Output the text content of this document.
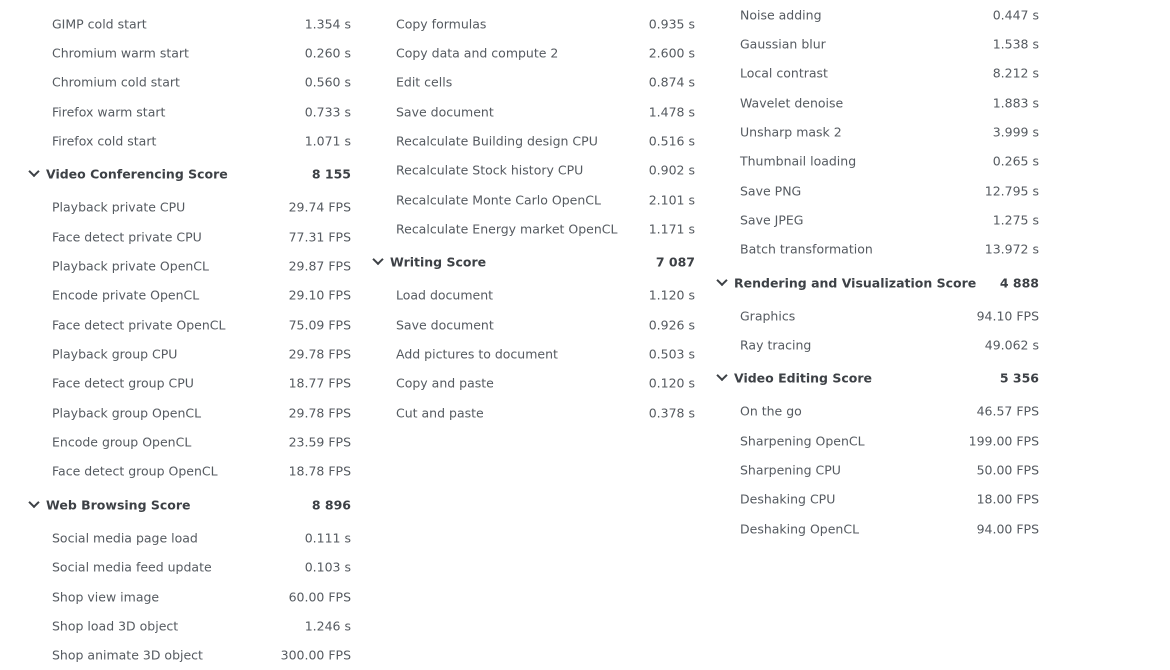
GIMP cold start	1.354 s
Chromium warm start	0.260 s
Chromium cold start	0.560 s
Firefox warm start	0.733 s
Firefox cold start	1.071 s
Video Conferencing Score	8 155
Playback private CPU	29.74 FPS
Face detect private CPU	77.31 FPS
Playback private OpenCL	29.87 FPS
Encode private OpenCL	29.10 FPS
Face detect private OpenCL	75.09 FPS
Playback group CPU	29.78 FPS
Face detect group CPU	18.77 FPS
Playback group OpenCL	29.78 FPS
Encode group OpenCL	23.59 FPS
Face detect group OpenCL	18.78 FPS
Web Browsing Score	8 896
Social media page load	0.111 s
Social media feed update	0.103 s
Shop view image	60.00 FPS
Shop load 3D object	1.246 s
Shop animate 3D object	300.00 FPS
Copy formulas	0.935 s
Copy data and compute 2	2.600 s
Edit cells	0.874 s
Save document	1.478 s
Recalculate Building design CPU	0.516 s
Recalculate Stock history CPU	0.902 s
Recalculate Monte Carlo OpenCL	2.101 s
Recalculate Energy market OpenCL	1.171 s
Writing Score	7 087
Load document	1.120 s
Save document	0.926 s
Add pictures to document	0.503 s
Copy and paste	0.120 s
Cut and paste	0.378 s
Noise adding	0.447 s
Gaussian blur	1.538 s
Local contrast	8.212 s
Wavelet denoise	1.883 s
Unsharp mask 2	3.999 s
Thumbnail loading	0.265 s
Save PNG	12.795 s
Save JPEG	1.275 s
Batch transformation	13.972 s
Rendering and Visualization Score 4 888
Graphics	94.10 FPS
Ray tracing	49.062 s
Video Editing Score	5 356
On the go	46.57 FPS
Sharpening OpenCL	199.00 FPS
Sharpening CPU	50.00 FPS
Deshaking CPU	18.00 FPS
Deshaking OpenCL	94.00 FPS
